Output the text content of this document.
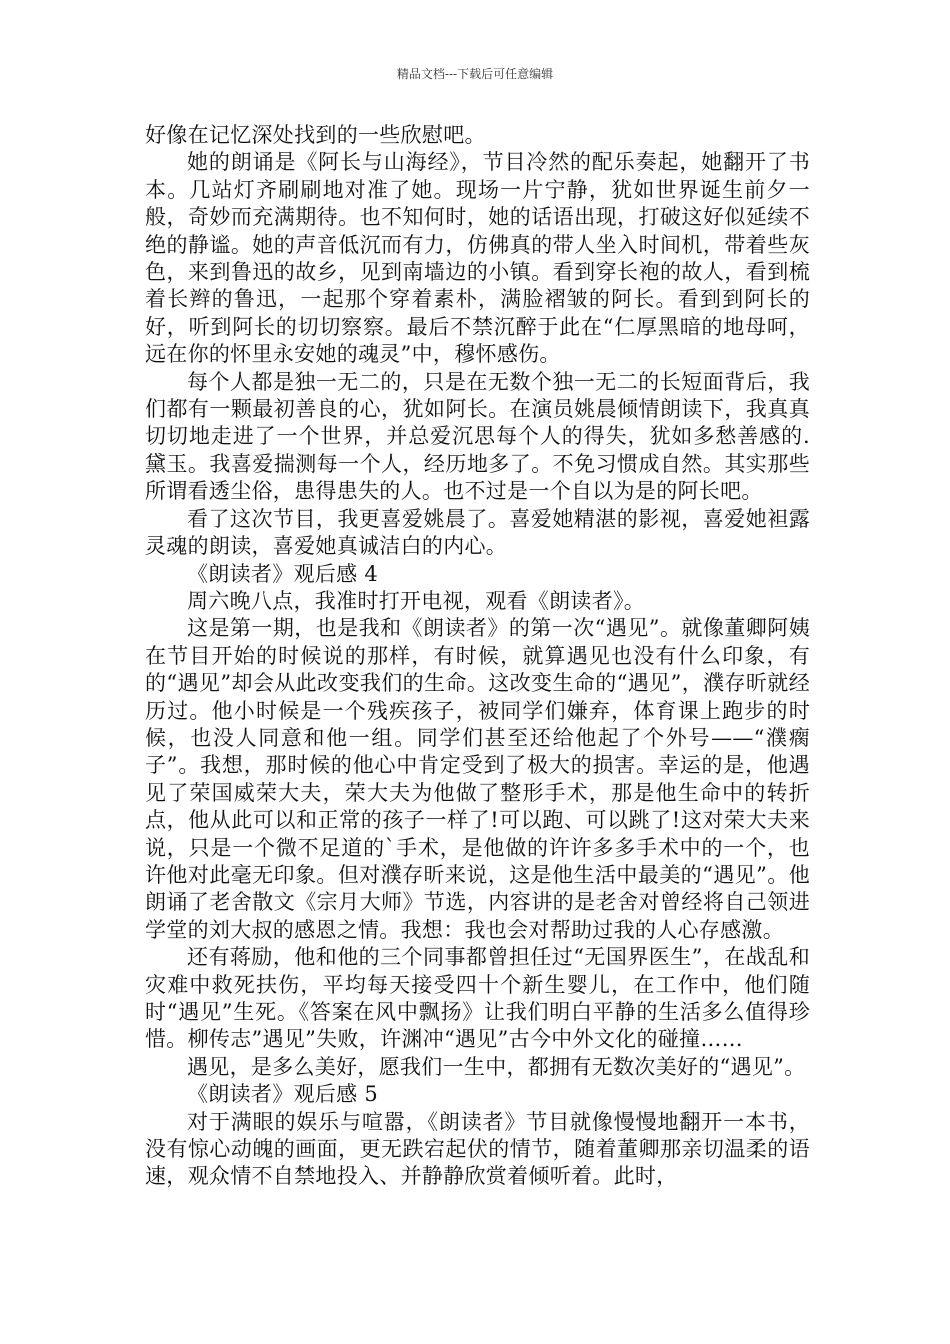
精品文档---下载后可任意编辑

好像在记忆深处找到的一些欣慰吧。

她的朗诵是《阿长与山海经》，节目冷然的配乐奏起，她翻开了书本。几站灯齐刷刷地对准了她。现场一片宁静，犹如世界诞生前夕一般，奇妙而充满期待。也不知何时，她的话语出现，打破这好似延续不绝的静谧。她的声音低沉而有力，仿佛真的带人坐入时间机，带着些灰色，来到鲁迅的故乡，见到南墙边的小镇。看到穿长袍的故人，看到梳着长辫的鲁迅，一起那个穿着素朴，满脸褶皱的阿长。看到到阿长的好，听到阿长的切切察察。最后不禁沉醉于此在“仁厚黑暗的地母呵，远在你的怀里永安她的魂灵”中，穆怀感伤。

每个人都是独一无二的，只是在无数个独一无二的长短面背后，我们都有一颗最初善良的心，犹如阿长。在演员姚晨倾情朗读下，我真真切切地走进了一个世界，并总爱沉思每个人的得失，犹如多愁善感的.黛玉。我喜爱揣测每一个人，经历地多了。不免习惯成自然。其实那些所谓看透尘俗，患得患失的人。也不过是一个自以为是的阿长吧。

看了这次节目，我更喜爱姚晨了。喜爱她精湛的影视，喜爱她袒露灵魂的朗读，喜爱她真诚洁白的内心。

《朗读者》观后感 4

周六晚八点，我准时打开电视，观看《朗读者》。

这是第一期，也是我和《朗读者》的第一次“遇见”。就像董卿阿姨在节目开始的时候说的那样，有时候，就算遇见也没有什么印象，有的“遇见”却会从此改变我们的生命。这改变生命的“遇见”，濮存昕就经历过。他小时候是一个残疾孩子，被同学们嫌弃，体育课上跑步的时候，也没人同意和他一组。同学们甚至还给他起了个外号——“濮瘸子”。我想，那时候的他心中肯定受到了极大的损害。幸运的是，他遇见了荣国威荣大夫，荣大夫为他做了整形手术，那是他生命中的转折点，他从此可以和正常的孩子一样了!可以跑、可以跳了!这对荣大夫来说，只是一个微不足道的`手术，是他做的许许多多手术中的一个，也许他对此毫无印象。但对濮存昕来说，这是他生活中最美的“遇见”。他朗诵了老舍散文《宗月大师》节选，内容讲的是老舍对曾经将自己领进学堂的刘大叔的感恩之情。我想：我也会对帮助过我的人心存感激。

还有蒋励，他和他的三个同事都曾担任过“无国界医生”，在战乱和灾难中救死扶伤，平均每天接受四十个新生婴儿，在工作中，他们随时“遇见”生死。《答案在风中飘扬》让我们明白平静的生活多么值得珍惜。柳传志”遇见”失败，许渊冲“遇见”古今中外文化的碰撞……

遇见，是多么美好，愿我们一生中，都拥有无数次美好的“遇见”。

《朗读者》观后感 5

对于满眼的娱乐与喧嚣，《朗读者》节目就像慢慢地翻开一本书，没有惊心动魄的画面，更无跌宕起伏的情节，随着董卿那亲切温柔的语速，观众情不自禁地投入、并静静欣赏着倾听着。此时，
